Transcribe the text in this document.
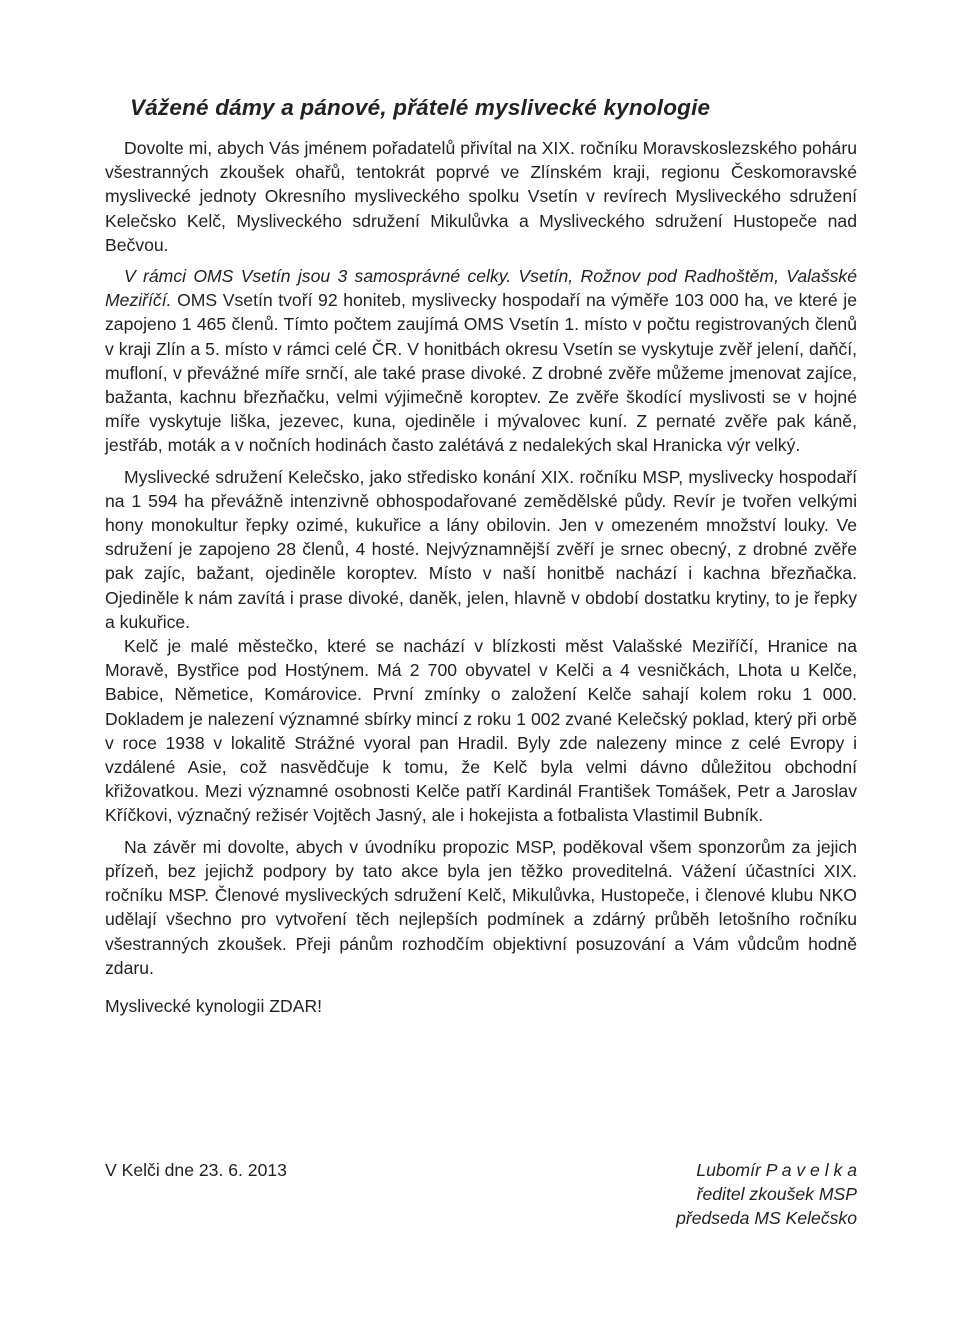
Vážené dámy a pánové, přátelé myslivecké kynologie

Dovolte mi, abych Vás jménem pořadatelů přivítal na XIX. ročníku Moravskoslezského poháru všestranných zkoušek ohařů, tentokrát poprvé ve Zlínském kraji, regionu Českomoravské myslivecké jednoty Okresního mysliveckého spolku Vsetín v revírech Mysliveckého sdružení Kelečsko Kelč, Mysliveckého sdružení Mikulůvka a Mysliveckého sdružení Hustopeče nad Bečvou.

V rámci OMS Vsetín jsou 3 samosprávné celky. Vsetín, Rožnov pod Radhoštěm, Valašské Meziříčí. OMS Vsetín tvoří 92 honiteb, myslivecky hospodaří na výměře 103 000 ha, ve které je zapojeno 1 465 členů. Tímto počtem zaujímá OMS Vsetín 1. místo v počtu registrovaných členů v kraji Zlín a 5. místo v rámci celé ČR. V honitbách okresu Vsetín se vyskytuje zvěř jelení, daňčí, mufloní, v převážné míře srnčí, ale také prase divoké. Z drobné zvěře můžeme jmenovat zajíce, bažanta, kachnu březňačku, velmi výjimečně koroptev. Ze zvěře škodící myslivosti se v hojné míře vyskytuje liška, jezevec, kuna, ojediněle i mývalovec kuní. Z pernaté zvěře pak káně, jestřáb, moták a v nočních hodinách často zalétává z nedalekých skal Hranicka výr velký.

Myslivecké sdružení Kelečsko, jako středisko konání XIX. ročníku MSP, myslivecky hospodaří na 1 594 ha převážně intenzivně obhospodařované zemědělské půdy. Revír je tvořen velkými hony monokultur řepky ozimé, kukuřice a lány obilovin. Jen v omezeném množství louky. Ve sdružení je zapojeno 28 členů, 4 hosté. Nejvýznamnější zvěří je srnec obecný, z drobné zvěře pak zajíc, bažant, ojediněle koroptev. Místo v naší honitbě nachází i kachna březňačka. Ojediněle k nám zavítá i prase divoké, daněk, jelen, hlavně v období dostatku krytiny, to je řepky a kukuřice.

Kelč je malé městečko, které se nachází v blízkosti měst Valašské Meziříčí, Hranice na Moravě, Bystřice pod Hostýnem. Má 2 700 obyvatel v Kelči a 4 vesničkách, Lhota u Kelče, Babice, Němetice, Komárovice. První zmínky o založení Kelče sahají kolem roku 1 000. Dokladem je nalezení významné sbírky mincí z roku 1 002 zvané Kelečský poklad, který při orbě v roce 1938 v lokalitě Strážné vyoral pan Hradil. Byly zde nalezeny mince z celé Evropy i vzdálené Asie, což nasvědčuje k tomu, že Kelč byla velmi dávno důležitou obchodní křižovatkou. Mezi významné osobnosti Kelče patří Kardinál František Tomášek, Petr a Jaroslav Kříčkovi, význačný režisér Vojtěch Jasný, ale i hokejista a fotbalista Vlastimil Bubník.

Na závěr mi dovolte, abych v úvodníku propozic MSP, poděkoval všem sponzorům za jejich přízeň, bez jejichž podpory by tato akce byla jen těžko proveditelná. Vážení účastníci XIX. ročníku MSP. Členové mysliveckých sdružení Kelč, Mikulůvka, Hustopeče, i členové klubu NKO udělají všechno pro vytvoření těch nejlepších podmínek a zdárný průběh letošního ročníku všestranných zkoušek. Přeji pánům rozhodčím objektivní posuzování a Vám vůdcům hodně zdaru.

Myslivecké kynologii ZDAR!

V Kelči dne 23. 6. 2013	Lubomír P a v e l k a
ředitel zkoušek MSP
předseda MS Kelečsko
